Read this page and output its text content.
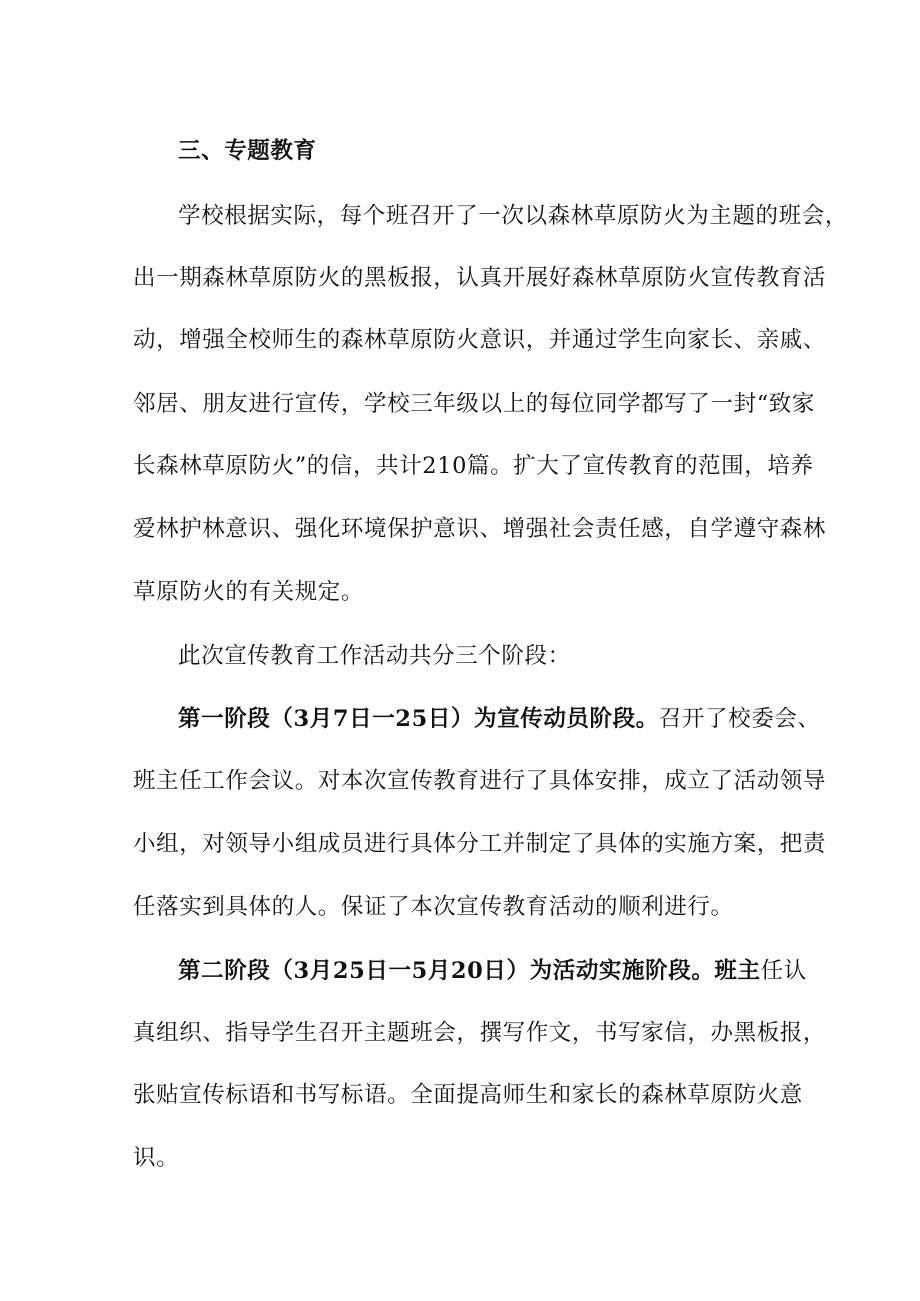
三、专题教育
学校根据实际，每个班召开了一次以森林草原防火为主题的班会，
出一期森林草原防火的黑板报，认真开展好森林草原防火宣传教育活
动，增强全校师生的森林草原防火意识，并通过学生向家长、亲戚、
邻居、朋友进行宣传，学校三年级以上的每位同学都写了一封“致家
长森林草原防火”的信，共计210篇。扩大了宣传教育的范围，培养
爱林护林意识、强化环境保护意识、增强社会责任感，自学遵守森林
草原防火的有关规定。
此次宣传教育工作活动共分三个阶段：
第一阶段（3月7日一25日）为宣传动员阶段。召开了校委会、
班主任工作会议。对本次宣传教育进行了具体安排，成立了活动领导
小组，对领导小组成员进行具体分工并制定了具体的实施方案，把责
任落实到具体的人。保证了本次宣传教育活动的顺利进行。
第二阶段（3月25日一5月20日）为活动实施阶段。班主任认
真组织、指导学生召开主题班会，撰写作文，书写家信，办黑板报，
张贴宣传标语和书写标语。全面提高师生和家长的森林草原防火意
识。
